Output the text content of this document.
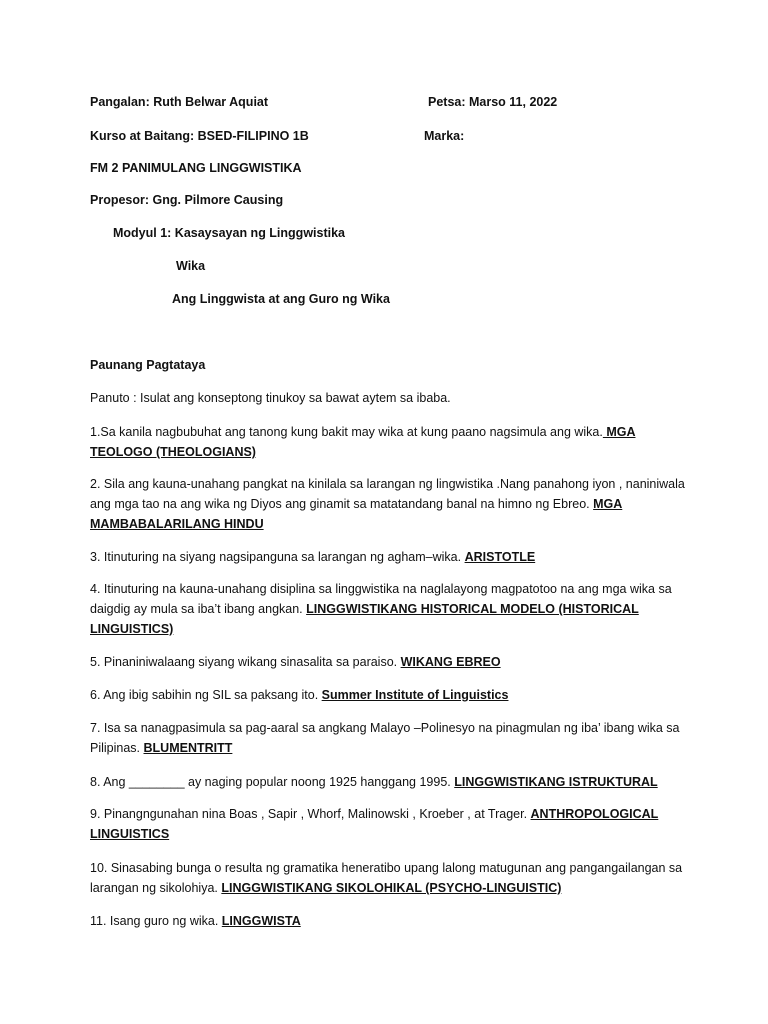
Pangalan: Ruth Belwar Aquiat	Petsa: Marso 11, 2022
Kurso at Baitang: BSED-FILIPINO 1B	Marka:
FM 2 PANIMULANG LINGGWISTIKA
Propesor: Gng. Pilmore Causing
Modyul 1: Kasaysayan ng Linggwistika
Wika
Ang Linggwista at ang Guro ng Wika
Paunang Pagtataya
Panuto : Isulat ang konseptong tinukoy sa bawat aytem sa ibaba.
1.Sa kanila nagbubuhat ang tanong kung bakit may wika at kung paano nagsimula ang wika. MGA TEOLOGO (THEOLOGIANS)
2. Sila ang kauna-unahang pangkat na kinilala sa larangan ng lingwistika .Nang panahong iyon , naniniwala ang mga tao na ang wika ng Diyos ang ginamit sa matatandang banal na himno ng Ebreo. MGA MAMBABALARILANG HINDU
3. Itinuturing na siyang nagsipanguna sa larangan ng agham–wika. ARISTOTLE
4. Itinuturing na kauna-unahang disiplina sa linggwistika na naglalayong magpatotoo na ang mga wika sa daigdig ay mula sa iba’t ibang angkan. LINGGWISTIKANG HISTORICAL MODELO (HISTORICAL LINGUISTICS)
5. Pinaniniwalaang siyang wikang sinasalita sa paraiso. WIKANG EBREO
6. Ang ibig sabihin ng SIL sa paksang ito. Summer Institute of Linguistics
7. Isa sa nanagpasimula sa pag-aaral sa angkang Malayo –Polinesyo na pinagmulan ng iba’ ibang wika sa Pilipinas. BLUMENTRITT
8. Ang ________ ay naging popular noong 1925 hanggang 1995. LINGGWISTIKANG ISTRUKTURAL
9. Pinangngunahan nina Boas , Sapir , Whorf, Malinowski , Kroeber , at Trager. ANTHROPOLOGICAL LINGUISTICS
10. Sinasabing bunga o resulta ng gramatika heneratibo upang lalong matugunan ang pangangailangan sa larangan ng sikolohiya. LINGGWISTIKANG SIKOLOHIKAL (PSYCHO-LINGUISTIC)
11. Isang guro ng wika. LINGGWISTA
